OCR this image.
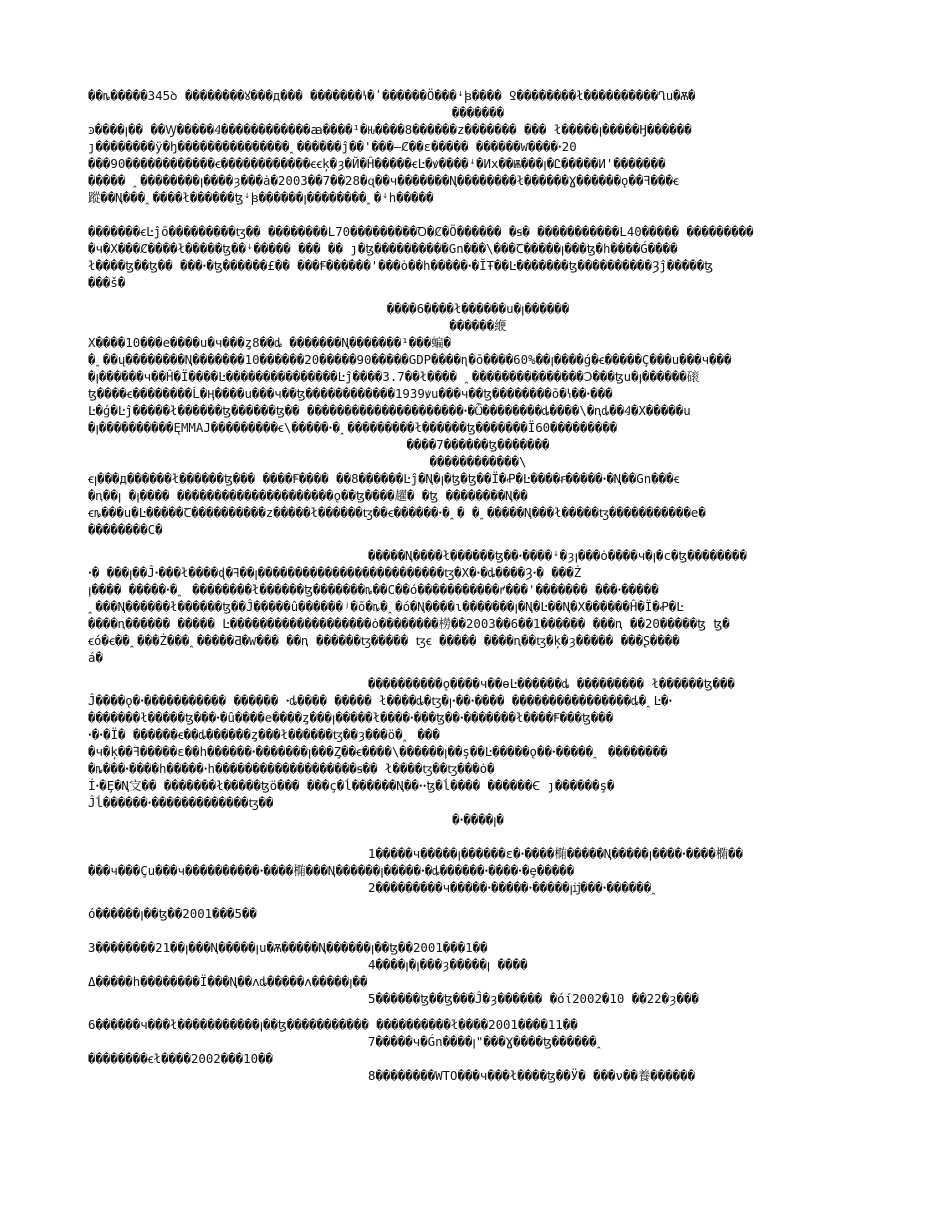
��ȵ�����345ꝺ ��������ꙋ���д��� �������ꝇ�ʹ������Ö���ꜜꟓ���� Ꝿ��������ł����������Ղu�Ѫ�

�������

ꜿ����ꞁ�� ��Ꝡ�����Ꜭ������������ꜳ����¹�Ԋ����8������z������� ��� ł�����ꞁ�����Ꜧ������

ȷ��������ÿ�ꜧ���������������ꞈ������ĵ��'���—Ȼ��ɛ����� ������Ⱳ����ꞏ20

���90������������ꞓ������������ꞓꞓķ�ȝ�Й�Ĥ�����ꞓĿ�ꝟ����ꜜ�Иx��Ѭ���ꞁ�Ꮭ�����И'�������

����� ꞈ��������ꞁ����ȝ���ȧ�2003��7��28�ɋ��ч�������Ꞑ��������ł������Ɣ������ǫ��ꟻ���ꞓ

蹤��Ꞑ���ꞈ����ł������ꜩꜜꟓ������ꞁ��������ꞈ�ꜜh�����

�������ꞓĿĵō���������ꜩ�� ��������L70���������Ꝺ�Ȼ�Ö������ �ꞩ� �����������L40����� ���������

�ч�X���Ȼ����ł�����ꜩ��ꜜ����� ��� �� ȷ�ꜩ����������Gn���\���Ꞇ�����ꞁ���ꜩ�h����Ǵ����

ł����ꜩ��ꜩ�� ���ꞏ�ꜩ������£�� ���Ꞙ������'���ȯ��h�����ꞏ�ĬŦ��Ŀ�������ꜩ����������Ȝĵ�����ꜩ

���š�

����6����ł������u�ꞁ������

������緶

X����10���e����u�ч���ȥ8��ȡ �������Ꞑ�������¹���蝙�

�ꞈ��ų��������Ꞑ�������10������20�����90�����GDP����ɳ�ō����60%��ꞁ����ǵ�ꞓ�����Ç���u���ч���

�ꞁ������ч��Ĥ�Ϊ����Ŀ���������������Ŀĵ����3.7��ł���� ꞈ���������������Ↄ���ꜩu�ꞁ������磙

ꜩ����ꞓ��������Ĺ�Ӊ����u���ч��ꜩ������������1939ꝟu���ч��ꜩ��������ō�ꝇ��ꞏ���

Ŀ�ǵ�Ŀĵ�����ł������ꜩ������ꜩ�� ���������������������ꞏ�Ѽ��������ȡ����\�ꞑȡ��Ꜭ�X�����u

�ꞁ����������ĘMMAJ���������ꞓ\�����ꞏ�ꞈ���������ł������ꜩ�������Ϊ60���������

����7������ꜩ�������

������������\

ꞓꞁ���д������ł������ꜩ��� ����Ꞙ���� ��8������Ŀĵ�Ꞑ�ꞁ�ꜩ�ꜩ��Ϊ�Ꝓ�Ŀ����ꞧ�����ꞏ�Ꞑ��Gn���ꞓ

�ꞑ��ꞁ �ꞁ���� ���������������������ǫ��ꜩ����趯� �ꜩ ��������Ꞑ��

ꞓȵ���u�Ŀ�����Ꞇ����������z�����ł������ꜩ��ꞓ������ꞏ�ꞈ� �ꞈ�����Ꞑ���ł�����ꜩ�����������e�

��������C�

�����Ꞑ����ł������ꜩ��ꞏ����ꜜ�ȝꞁ���ȯ����ч�ꞁ�c�ꜩ��������

ꞏ� ���ꞁ��Ĵꞏ���ł����ɖ�ꟻ��ꞁ�������������������������ꜩ�X�ꞏ�ȡ����Ȝꞏ� ���Ż

ꞁ���� �����ꞏ�ꞈ ��������ł������ꜩ�������ȵ��C��ó�����������ꝵ���'������� ���ꞏ�����

ꞈ���Ꞑ������ł������ꜩ��Ĵ�����û������ʲ�ō�ȵ�ꞈ�ó�Ꞑ����ɩ�������ꞁ�Ꞑ�Ŀ��Ꞑ�X������Ĥ�Ϊ�Ꝓ�Ŀ

����ꞑ������ ����� Ŀ�������������������ȯ��������橯��2003��6��1������ ���ꞑ ��20�����ꜩ ꜩ�

ꞓó�ꞓ��ꞈ���Ż���ꞈ�����Ƌ�Ⱳ��� ��ꞑ ������ꜩ����� ꜩꞓ ����� ����ꞑ��ꜩ�ķ�ȝ����� ���Ʂ����

á�

����������ǫ����ч��ɵĿ������ȡ ��������� ł������ꜩ���

Ĵ����ǫ�ꞏ����������� ������ ꞏȡ���� ����� ł����ȡ�ꜩ�ꞁꞏ��ꞏ���� ����������������ȡ�ꞈĿ�ꞏ

�������ł�����ꜩ���ꞏ�ȗ����e����ȥ���ꞁ�����ł����ꞏ���ꜩ��ꞏ�������ł����Ꞙ���ꜩ���

ꞏ�ꞏ�Ϊ� ������ꞓ��ȡ������ȥ���ł������ꜩ��ȝ���ö�ꞈ ���

�ч�ķ��ꟻ�����ɛ��h������ꞏ�������ꞁ���Ȥ��ꞓ����\������ꞁ��ş��Ŀ�����ǫ��ꞏ�����ꞈ ��������

�ȵ���ꞏ����h�����ꞏh�������������������ꞩ�� ł����ꜩ��ꜩ���ȯ�

Íꞏ�Ȩ�Ꞑ㝊�� �������ł�����ꜩö��� ���ç�ĺ������Ꞑ��ꞏꞏꜩ�ĺ���� ������Ꞓ ȷ������ş�

Ĵĺ������ꞏ�������������ꜩ��

�ꞏ����ꞁ�

1�����ч�����ꞁ������ɛ�ꞏ����椭�����Ꞑ�����ꞁ����ꞏ����椭��

���ч���Çu���ч����������ꞏ����椭���Ꞑ������ꞁ�����ꞏ�ȡ������ꞏ����ꞏ�ȩ�����

2���������ч�����ꞏ�����ꞏ�����ꞁĳ���ꞏ������ꞈ

ó������ꞁ��ꜩ��2001���5��

3��������21��ꞁ���Ꞑ�����ꞁu�Ѫ�����Ꞑ������ꞁ��ꜩ��2001���1��

4����ꞁ�ꞁ���ȝ�����ꞁ ����

Δ�����h��������Ϊ���Ꞑ��ʌȡ�����ʌ�����ꞁ��

5������ꜩ��ꜩ���Ĵ�ȝ������ �óί2002�10 ��22�ȝ���

6������ч���ł�����������ꞁ��ꜩ����������� ����������ł����2001����11��

7�����ч�Ǵn����ꞁ"���Ɣ����ꜩ������ꞈ

��������ꞓł����2002���10��

8��������WTO���ч���ł����ꜩ��Ӱ� ���ν��養������
